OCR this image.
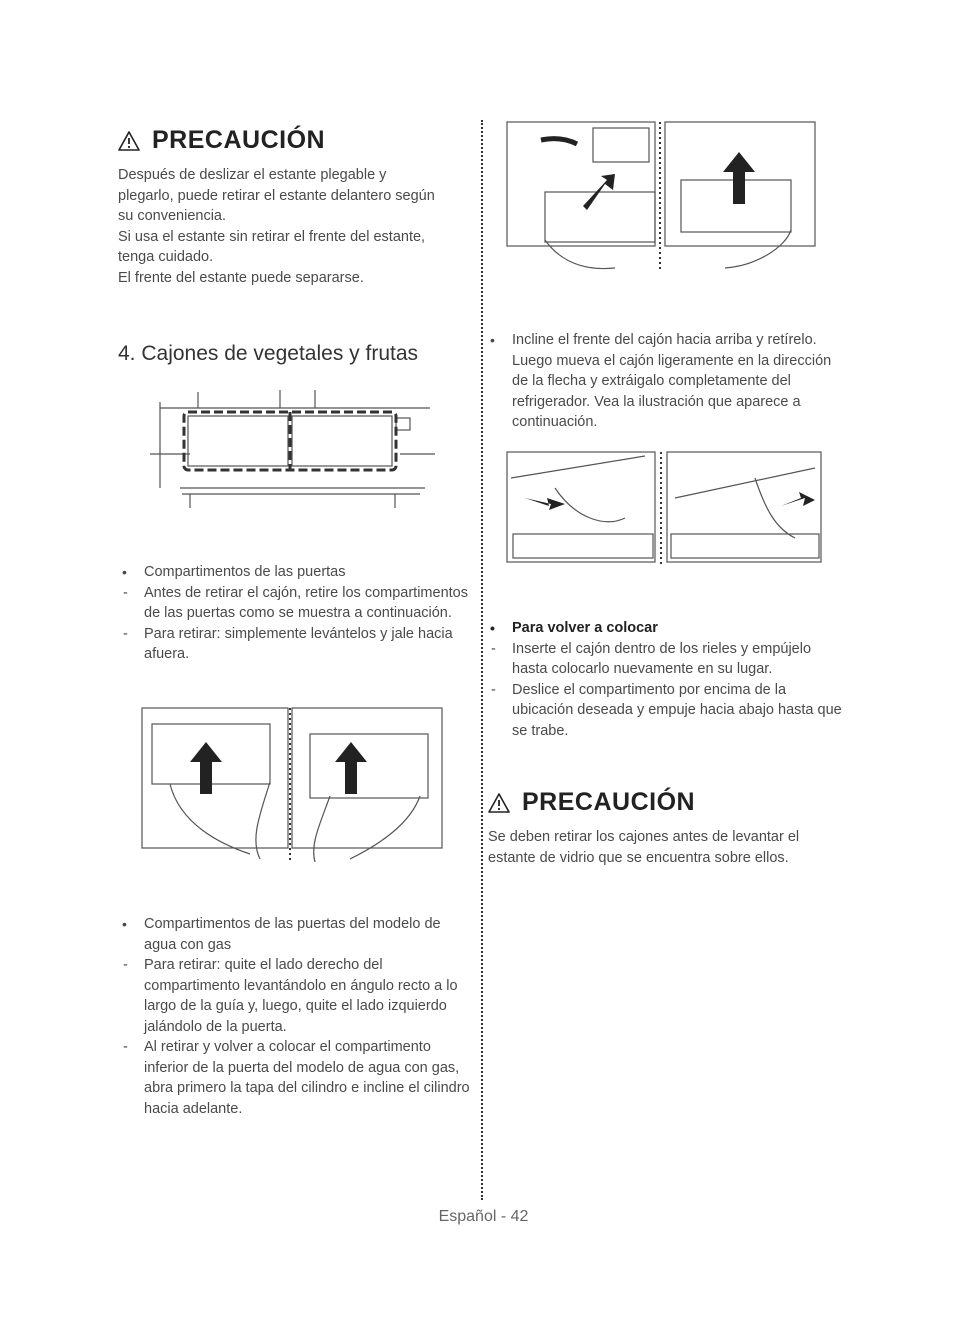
PRECAUCIÓN

Después de deslizar el estante plegable y

plegarlo, puede retirar el estante delantero según

su conveniencia.

Si usa el estante sin retirar el frente del estante,

tenga cuidado.

El frente del estante puede separarse.

4. Cajones de vegetales y frutas
• Compartimentos de las puertas
- Antes de retirar el cajón, retire los compartimentos de las puertas como se muestra a continuación.
- Para retirar: simplemente levántelos y jale hacia afuera.
• Compartimentos de las puertas del modelo de agua con gas
- Para retirar: quite el lado derecho del compartimento levantándolo en ángulo recto a lo largo de la guía y, luego, quite el lado izquierdo jalándolo de la puerta.
- Al retirar y volver a colocar el compartimento inferior de la puerta del modelo de agua con gas, abra primero la tapa del cilindro e incline el cilindro hacia adelante.
• Incline el frente del cajón hacia arriba y retírelo. Luego mueva el cajón ligeramente en la dirección de la flecha y extráigalo completamente del refrigerador. Vea la ilustración que aparece a continuación.
• Para volver a colocar
- Inserte el cajón dentro de los rieles y empújelo hasta colocarlo nuevamente en su lugar.
- Deslice el compartimento por encima de la ubicación deseada y empuje hacia abajo hasta que se trabe.
PRECAUCIÓN

Se deben retirar los cajones antes de levantar el

estante de vidrio que se encuentra sobre ellos.

Español - 42
